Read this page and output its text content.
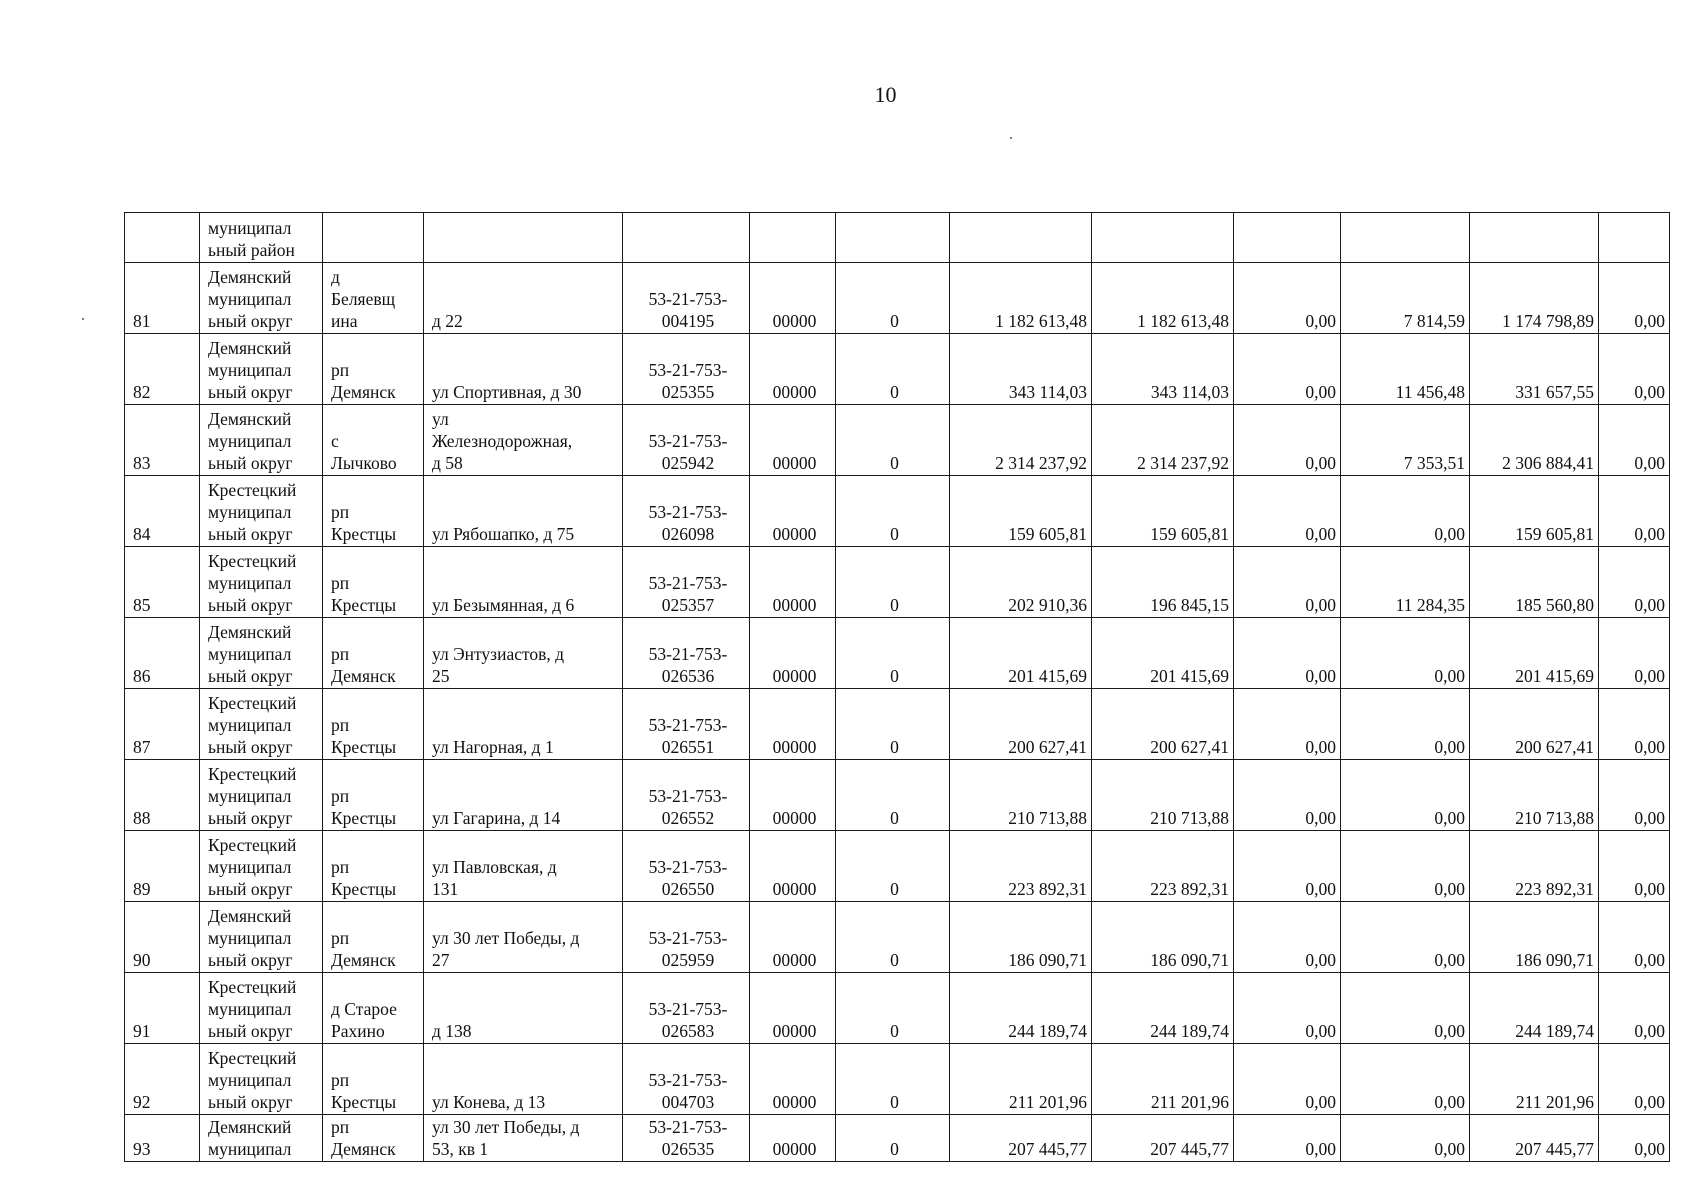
10
	муниципал
ьный район											
81	Демянский
муниципал
ьный округ	д
Беляевщ
ина	д 22	53-21-753-
004195	00000	0	1 182 613,48	1 182 613,48	0,00	7 814,59	1 174 798,89	0,00
82	Демянский
муниципал
ьный округ	рп
Демянск	ул Спортивная, д 30	53-21-753-
025355	00000	0	343 114,03	343 114,03	0,00	11 456,48	331 657,55	0,00
83	Демянский
муниципал
ьный округ	с
Лычково	ул
Железнодорожная,
д 58	53-21-753-
025942	00000	0	2 314 237,92	2 314 237,92	0,00	7 353,51	2 306 884,41	0,00
84	Крестецкий
муниципал
ьный округ	рп
Крестцы	ул Рябошапко, д 75	53-21-753-
026098	00000	0	159 605,81	159 605,81	0,00	0,00	159 605,81	0,00
85	Крестецкий
муниципал
ьный округ	рп
Крестцы	ул Безымянная, д 6	53-21-753-
025357	00000	0	202 910,36	196 845,15	0,00	11 284,35	185 560,80	0,00
86	Демянский
муниципал
ьный округ	рп
Демянск	ул Энтузиастов, д
25	53-21-753-
026536	00000	0	201 415,69	201 415,69	0,00	0,00	201 415,69	0,00
87	Крестецкий
муниципал
ьный округ	рп
Крестцы	ул Нагорная, д 1	53-21-753-
026551	00000	0	200 627,41	200 627,41	0,00	0,00	200 627,41	0,00
88	Крестецкий
муниципал
ьный округ	рп
Крестцы	ул Гагарина, д 14	53-21-753-
026552	00000	0	210 713,88	210 713,88	0,00	0,00	210 713,88	0,00
89	Крестецкий
муниципал
ьный округ	рп
Крестцы	ул Павловская, д
131	53-21-753-
026550	00000	0	223 892,31	223 892,31	0,00	0,00	223 892,31	0,00
90	Демянский
муниципал
ьный округ	рп
Демянск	ул 30 лет Победы, д
27	53-21-753-
025959	00000	0	186 090,71	186 090,71	0,00	0,00	186 090,71	0,00
91	Крестецкий
муниципал
ьный округ	д Старое
Рахино	д 138	53-21-753-
026583	00000	0	244 189,74	244 189,74	0,00	0,00	244 189,74	0,00
92	Крестецкий
муниципал
ьный округ	рп
Крестцы	ул Конева, д 13	53-21-753-
004703	00000	0	211 201,96	211 201,96	0,00	0,00	211 201,96	0,00
93	Демянский
муниципал	рп
Демянск	ул 30 лет Победы, д
53, кв 1	53-21-753-
026535	00000	0	207 445,77	207 445,77	0,00	0,00	207 445,77	0,00
